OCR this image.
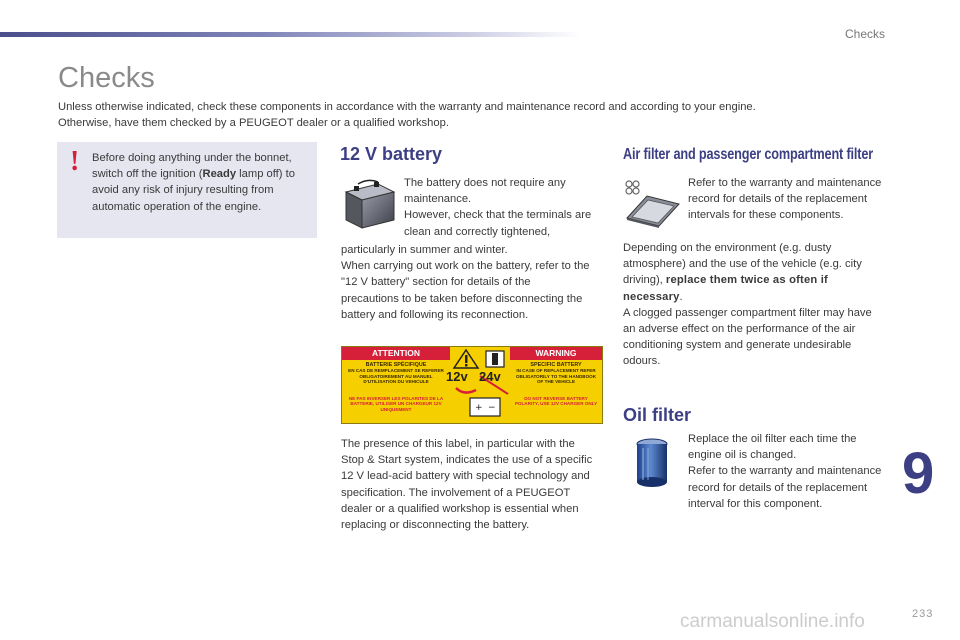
Checks
Checks

Unless otherwise indicated, check these components in accordance with the warranty and maintenance record and according to your engine.

Otherwise, have them checked by a PEUGEOT dealer or a qualified workshop.

! Before doing anything under the bonnet, switch off the ignition (Ready lamp off) to avoid any risk of injury resulting from automatic operation of the engine.
12 V battery

The battery does not require any maintenance.

However, check that the terminals are clean and correctly tightened,

particularly in summer and winter.

When carrying out work on the battery, refer to the "12 V battery" section for details of the precautions to be taken before disconnecting the battery and following its reconnection.

ATTENTION	WARNING
BATTERIE SPÉCIFIQUE
EN CAS DE REMPLACEMENT SE REFERER OBLIGATOIREMENT AU MANUEL D'UTILISATION DU VEHICULE
NE PAS INVERSER LES POLARITES DE LA BATTERIE, UTILISER UN CHARGEUR 12V UNIQUEMENT
SPECIFIC BATTERY
IN CASE OF REPLACEMENT REFER OBLIGATORILY TO THE HANDBOOK OF THE VEHICLE
DO NOT REVERSE BATTERY POLARITY, USE 12V CHARGER ONLY
+ −
12v 24v

The presence of this label, in particular with the Stop & Start system, indicates the use of a specific 12 V lead-acid battery with special technology and specification. The involvement of a PEUGEOT dealer or a qualified workshop is essential when replacing or disconnecting the battery.

Air filter and passenger compartment filter

Refer to the warranty and maintenance record for details of the replacement intervals for these components.

Depending on the environment (e.g. dusty atmosphere) and the use of the vehicle (e.g. city driving), replace them twice as often if necessary.

A clogged passenger compartment filter may have an adverse effect on the performance of the air conditioning system and generate undesirable odours.

Oil filter

Replace the oil filter each time the engine oil is changed.

Refer to the warranty and maintenance record for details of the replacement interval for this component.	9
carmanualsonline.info	233
